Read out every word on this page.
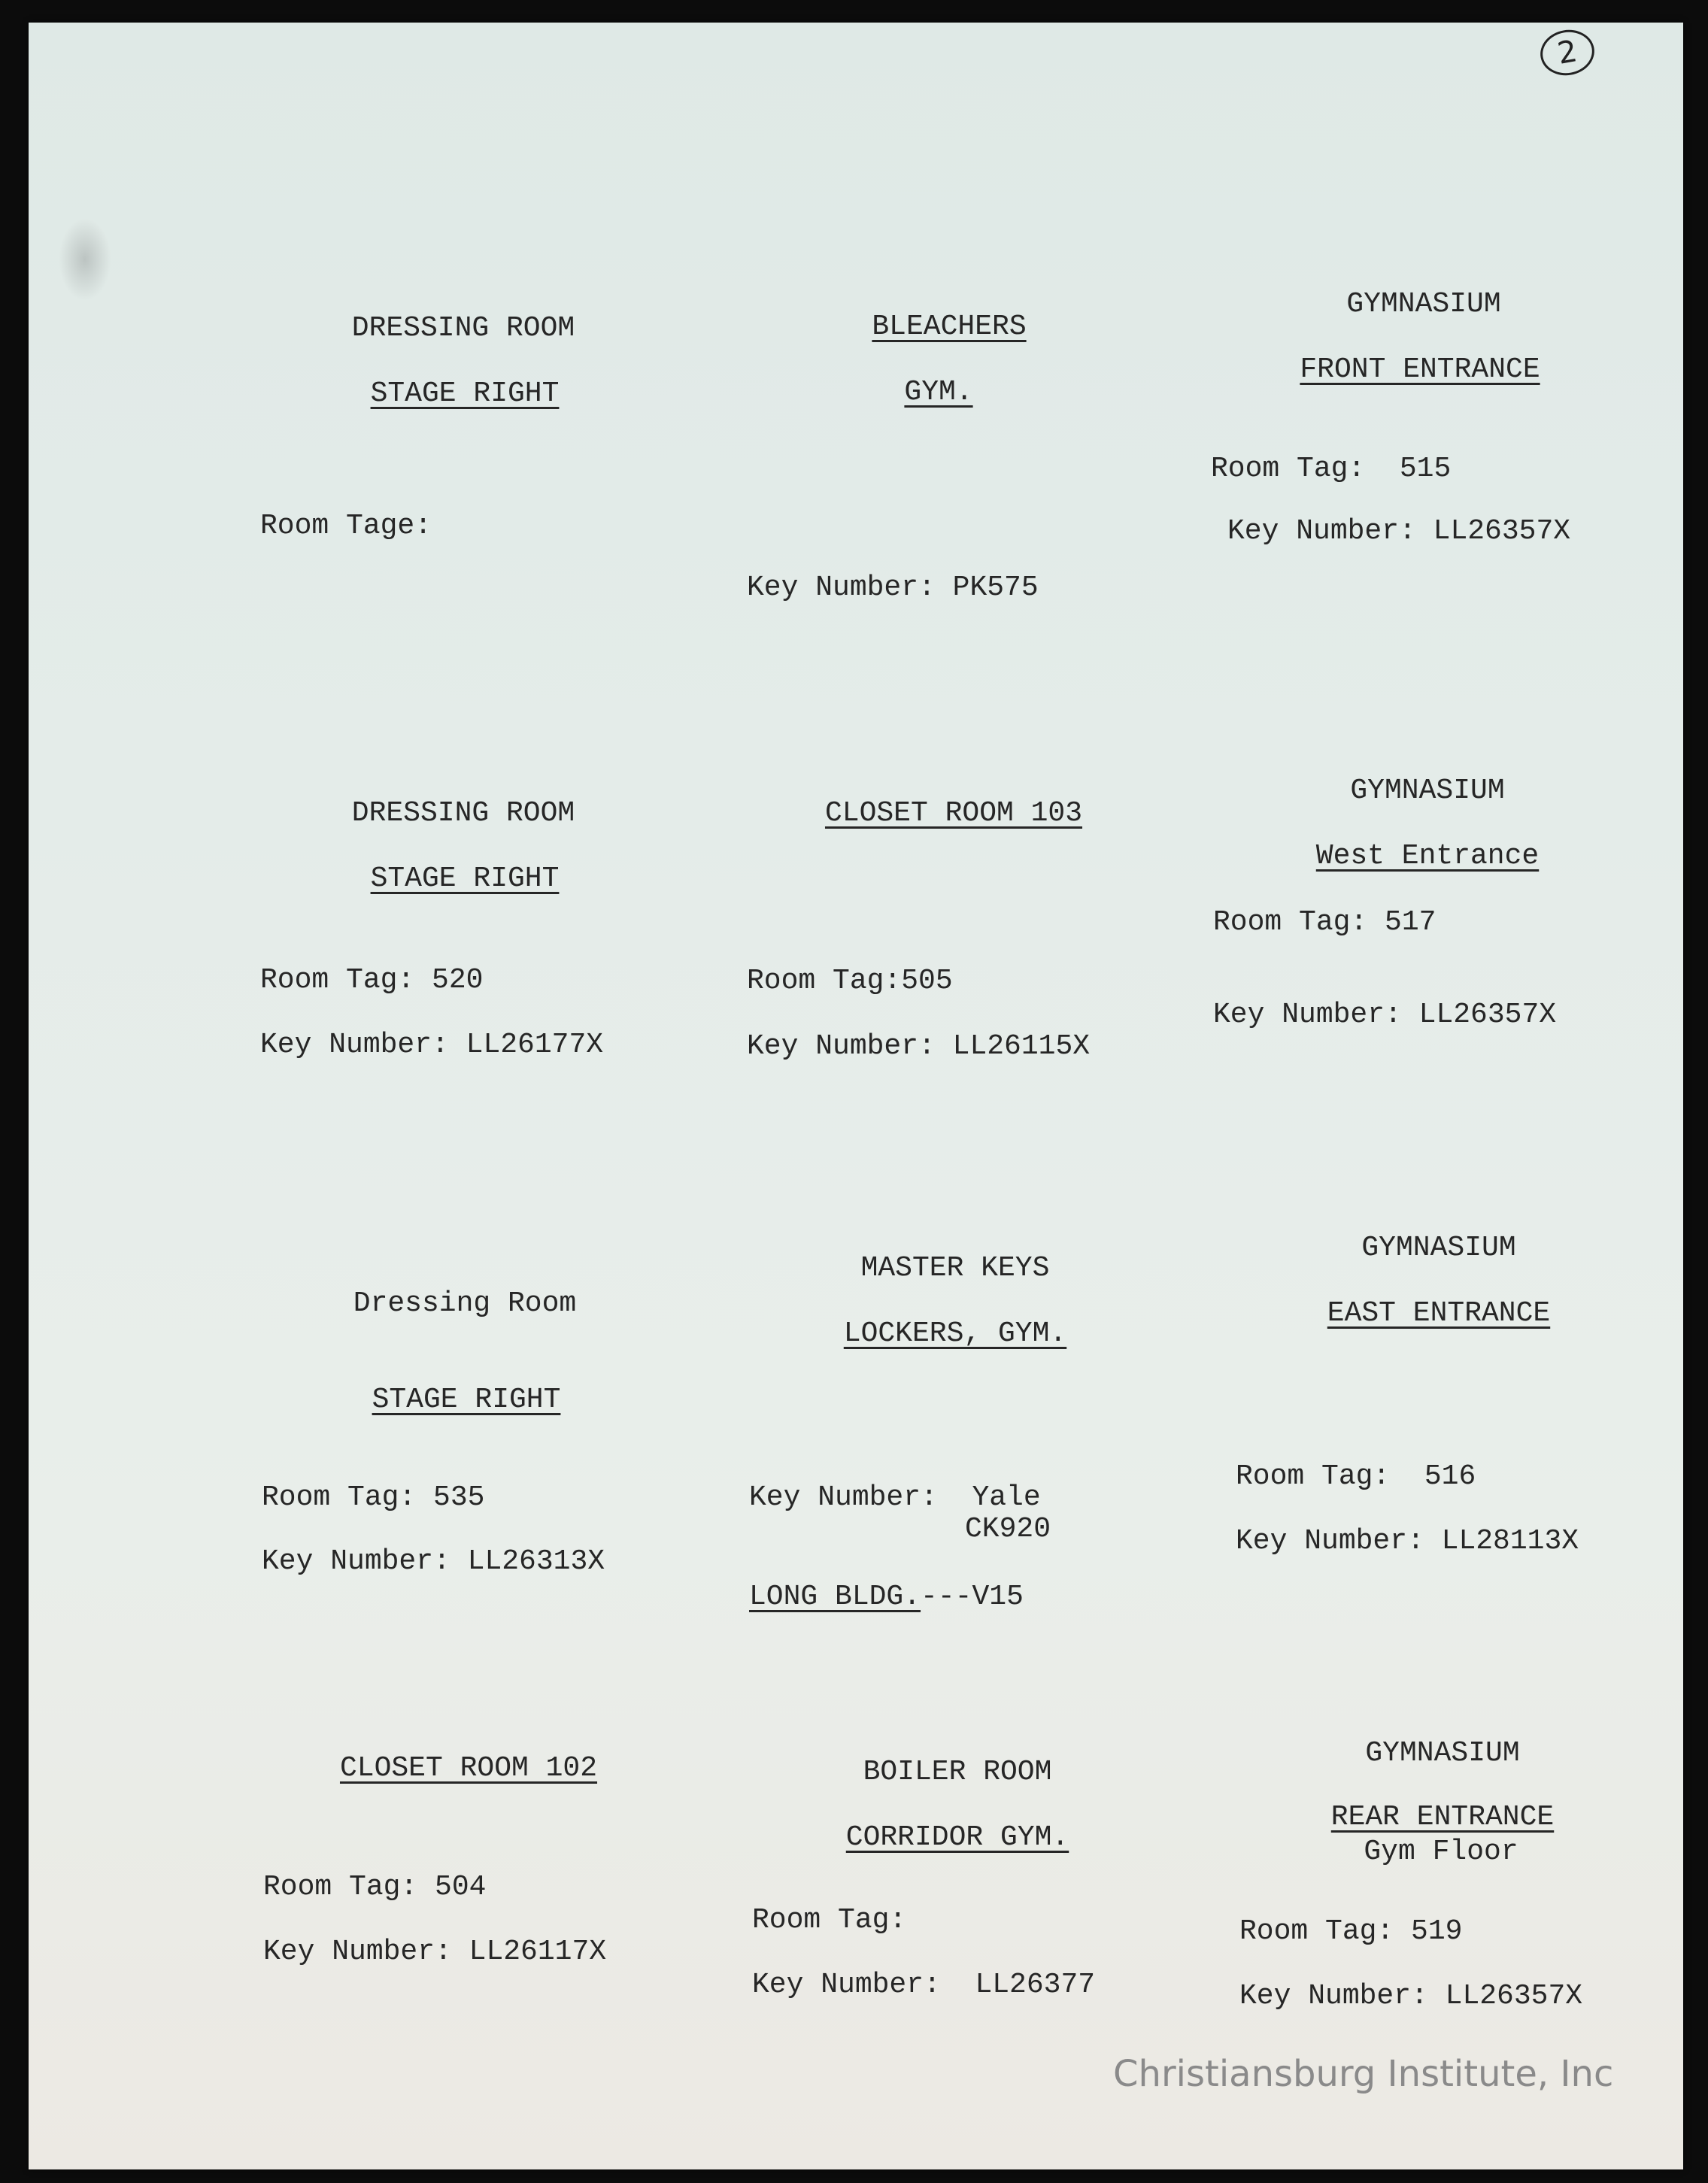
2
DRESSING ROOM
STAGE RIGHT
Room Tage:
BLEACHERS
GYM.
Key Number: PK575
GYMNASIUM
FRONT ENTRANCE
Room Tag:  515
Key Number: LL26357X
DRESSING ROOM
STAGE RIGHT
Room Tag: 520
Key Number: LL26177X
CLOSET ROOM 103
Room Tag:505
Key Number: LL26115X
GYMNASIUM
West Entrance
Room Tag: 517
Key Number: LL26357X
Dressing Room
STAGE RIGHT
Room Tag: 535
Key Number: LL26313X
MASTER KEYS
LOCKERS, GYM.
Key Number:  Yale
CK920
LONG BLDG.---V15
GYMNASIUM
EAST ENTRANCE
Room Tag:  516
Key Number: LL28113X
CLOSET ROOM 102
Room Tag: 504
Key Number: LL26117X
BOILER ROOM
CORRIDOR GYM.
Room Tag:
Key Number:  LL26377
GYMNASIUM
REAR ENTRANCE
Gym Floor
Room Tag: 519
Key Number: LL26357X
Christiansburg Institute, Inc
